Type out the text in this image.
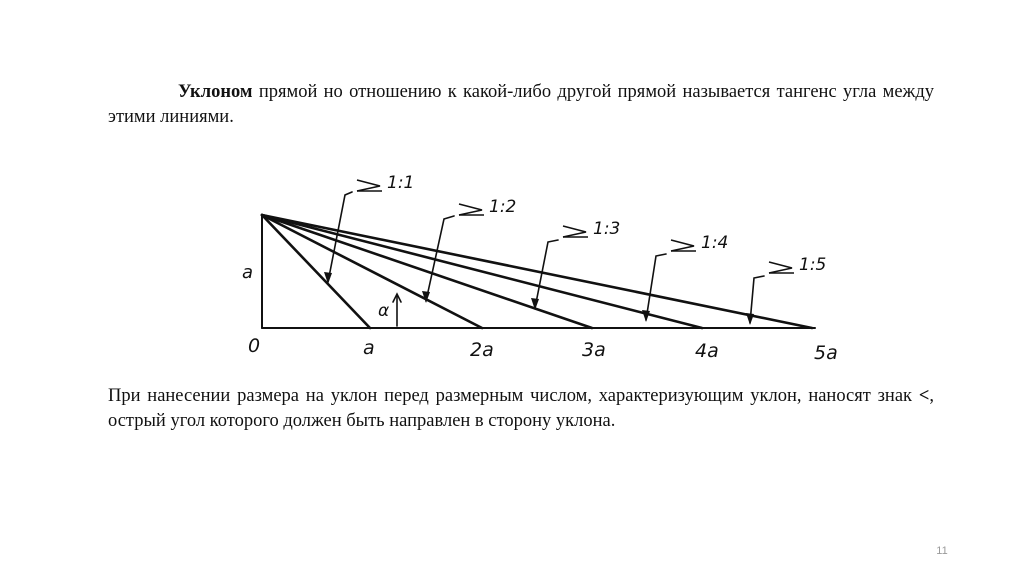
Уклоном прямой но отношению к какой-либо другой прямой называется тангенс угла между этими линиями.

1:1
1:2
1:3
1:4
1:5
a
α
0	a	2a	3a	4a	5a

При нанесении размера на уклон перед размерным числом, характеризующим уклон, наносят знак <, острый угол которого должен быть направлен в сторону уклона.

11
